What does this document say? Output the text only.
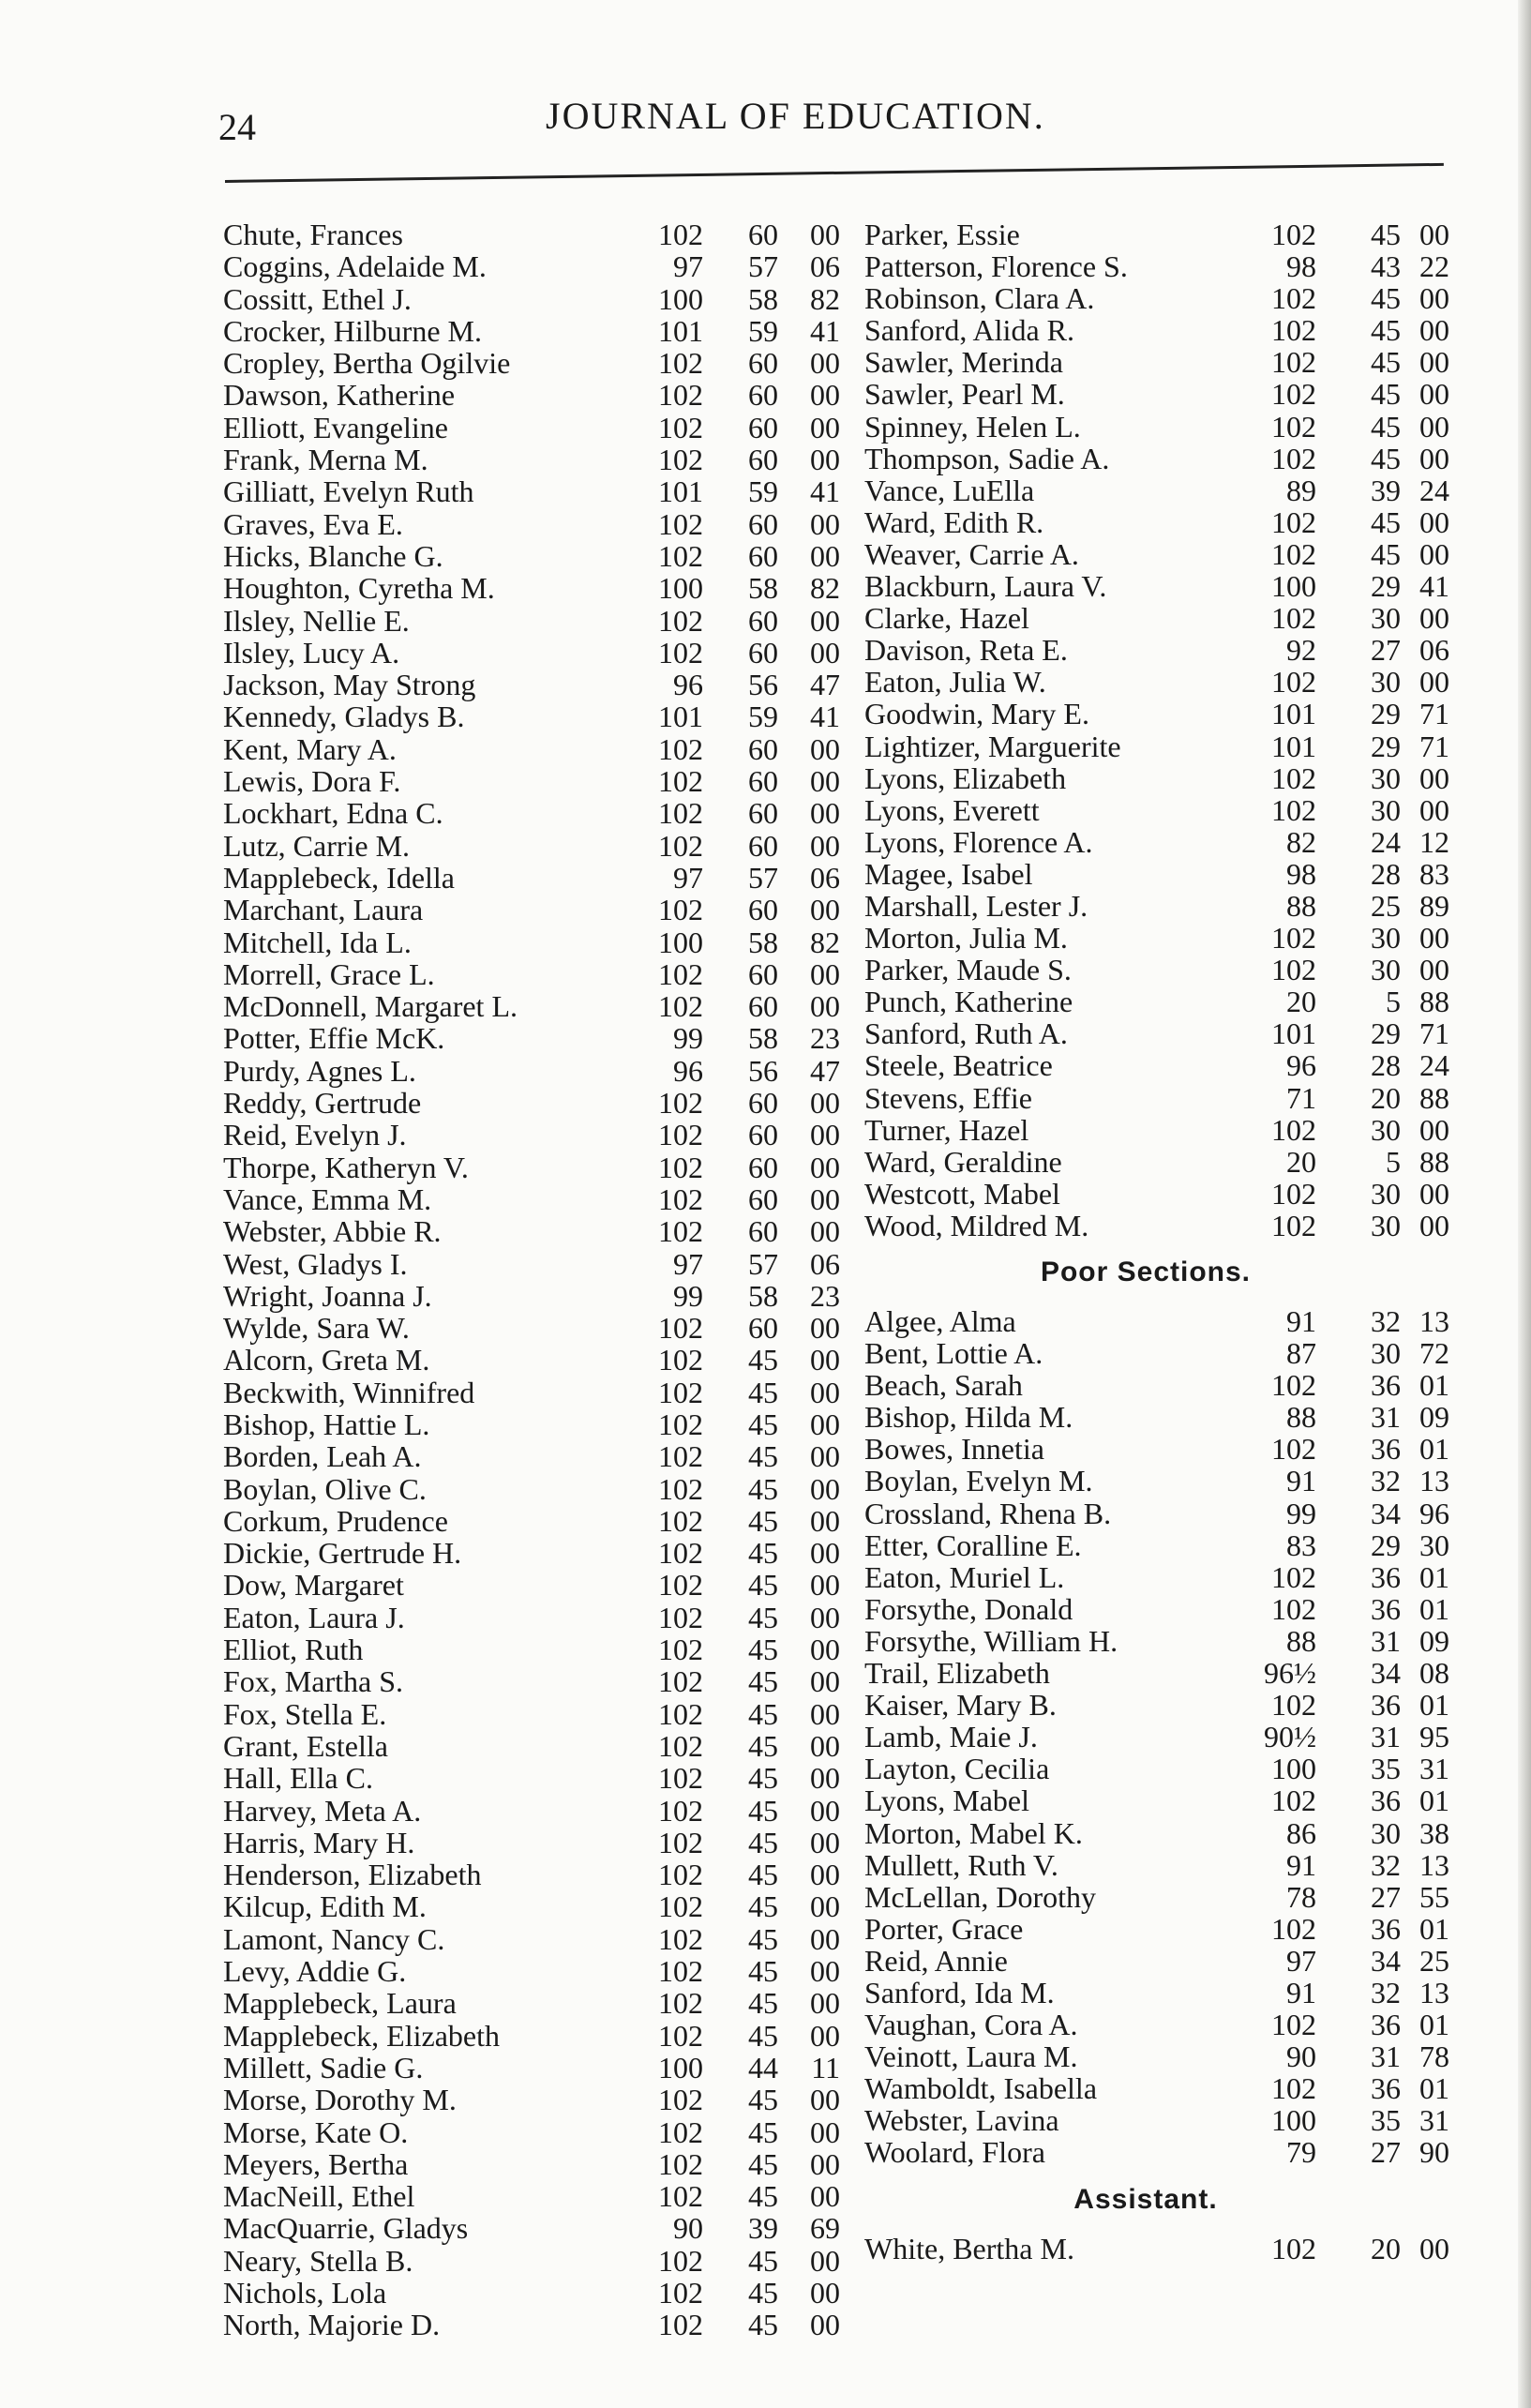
24	JOURNAL OF EDUCATION.
Chute, Frances	102	60	00
Coggins, Adelaide M.	97	57	06
Cossitt, Ethel J.	100	58	82
Crocker, Hilburne M.	101	59	41
Cropley, Bertha Ogilvie	102	60	00
Dawson, Katherine	102	60	00
Elliott, Evangeline	102	60	00
Frank, Merna M.	102	60	00
Gilliatt, Evelyn Ruth	101	59	41
Graves, Eva E.	102	60	00
Hicks, Blanche G.	102	60	00
Houghton, Cyretha M.	100	58	82
Ilsley, Nellie E.	102	60	00
Ilsley, Lucy A.	102	60	00
Jackson, May Strong	96	56	47
Kennedy, Gladys B.	101	59	41
Kent, Mary A.	102	60	00
Lewis, Dora F.	102	60	00
Lockhart, Edna C.	102	60	00
Lutz, Carrie M.	102	60	00
Mapplebeck, Idella	97	57	06
Marchant, Laura	102	60	00
Mitchell, Ida L.	100	58	82
Morrell, Grace L.	102	60	00
McDonnell, Margaret L.	102	60	00
Potter, Effie McK.	99	58	23
Purdy, Agnes L.	96	56	47
Reddy, Gertrude	102	60	00
Reid, Evelyn J.	102	60	00
Thorpe, Katheryn V.	102	60	00
Vance, Emma M.	102	60	00
Webster, Abbie R.	102	60	00
West, Gladys I.	97	57	06
Wright, Joanna J.	99	58	23
Wylde, Sara W.	102	60	00
Alcorn, Greta M.	102	45	00
Beckwith, Winnifred	102	45	00
Bishop, Hattie L.	102	45	00
Borden, Leah A.	102	45	00
Boylan, Olive C.	102	45	00
Corkum, Prudence	102	45	00
Dickie, Gertrude H.	102	45	00
Dow, Margaret	102	45	00
Eaton, Laura J.	102	45	00
Elliot, Ruth	102	45	00
Fox, Martha S.	102	45	00
Fox, Stella E.	102	45	00
Grant, Estella	102	45	00
Hall, Ella C.	102	45	00
Harvey, Meta A.	102	45	00
Harris, Mary H.	102	45	00
Henderson, Elizabeth	102	45	00
Kilcup, Edith M.	102	45	00
Lamont, Nancy C.	102	45	00
Levy, Addie G.	102	45	00
Mapplebeck, Laura	102	45	00
Mapplebeck, Elizabeth	102	45	00
Millett, Sadie G.	100	44	11
Morse, Dorothy M.	102	45	00
Morse, Kate O.	102	45	00
Meyers, Bertha	102	45	00
MacNeill, Ethel	102	45	00
MacQuarrie, Gladys	90	39	69
Neary, Stella B.	102	45	00
Nichols, Lola	102	45	00
North, Majorie D.	102	45	00
Parker, Essie	102	45 00
Patterson, Florence S.	98	43 22
Robinson, Clara A.	102	45 00
Sanford, Alida R.	102	45 00
Sawler, Merinda	102	45 00
Sawler, Pearl M.	102	45 00
Spinney, Helen L.	102	45 00
Thompson, Sadie A.	102	45 00
Vance, LuElla	89	39 24
Ward, Edith R.	102	45 00
Weaver, Carrie A.	102	45 00
Blackburn, Laura V.	100	29 41
Clarke, Hazel	102	30 00
Davison, Reta E.	92	27 06
Eaton, Julia W.	102	30 00
Goodwin, Mary E.	101	29 71
Lightizer, Marguerite	101	29 71
Lyons, Elizabeth	102	30 00
Lyons, Everett	102	30 00
Lyons, Florence A.	82	24 12
Magee, Isabel	98	28 83
Marshall, Lester J.	88	25 89
Morton, Julia M.	102	30 00
Parker, Maude S.	102	30 00
Punch, Katherine	20	5 88
Sanford, Ruth A.	101	29 71
Steele, Beatrice	96	28 24
Stevens, Effie	71	20 88
Turner, Hazel	102	30 00
Ward, Geraldine	20	5 88
Westcott, Mabel	102	30 00
Wood, Mildred M.	102	30 00
Poor Sections.
Algee, Alma	91	32 13
Bent, Lottie A.	87	30 72
Beach, Sarah	102	36 01
Bishop, Hilda M.	88	31 09
Bowes, Innetia	102	36 01
Boylan, Evelyn M.	91	32 13
Crossland, Rhena B.	99	34 96
Etter, Coralline E.	83	29 30
Eaton, Muriel L.	102	36 01
Forsythe, Donald	102	36 01
Forsythe, William H.	88	31 09
Trail, Elizabeth	96½	34 08
Kaiser, Mary B.	102	36 01
Lamb, Maie J.	90½	31 95
Layton, Cecilia	100	35 31
Lyons, Mabel	102	36 01
Morton, Mabel K.	86	30 38
Mullett, Ruth V.	91	32 13
McLellan, Dorothy	78	27 55
Porter, Grace	102	36 01
Reid, Annie	97	34 25
Sanford, Ida M.	91	32 13
Vaughan, Cora A.	102	36 01
Veinott, Laura M.	90	31 78
Wamboldt, Isabella	102	36 01
Webster, Lavina	100	35 31
Woolard, Flora	79	27 90
Assistant.
White, Bertha M.	102	20 00
